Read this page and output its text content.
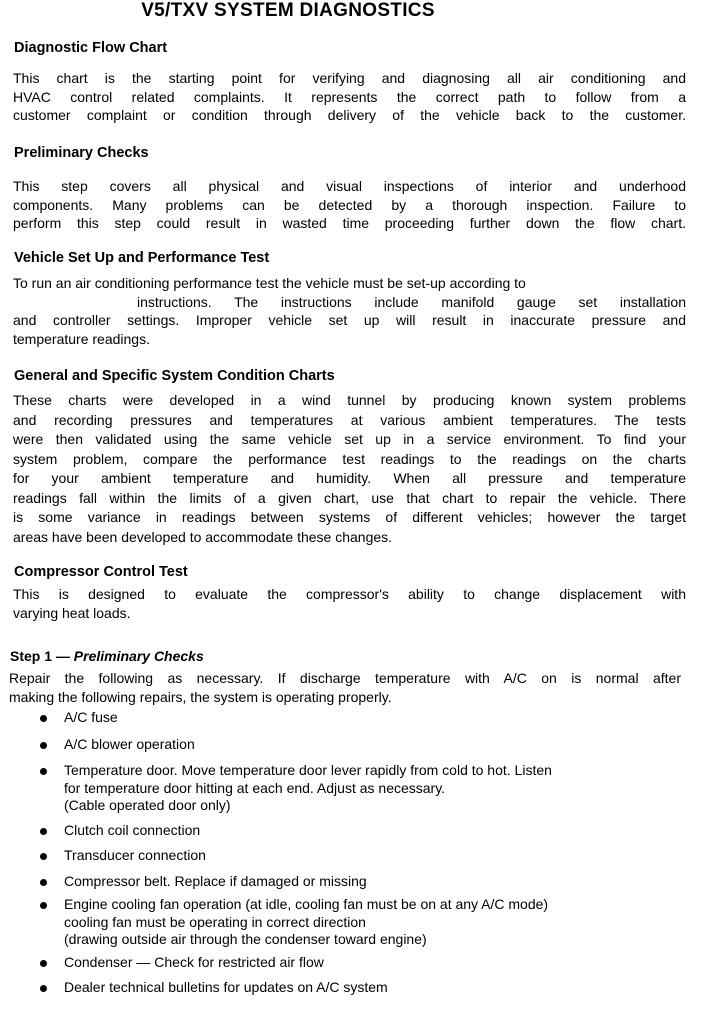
V5/TXV SYSTEM DIAGNOSTICS
Diagnostic Flow Chart
This chart is the starting point for verifying and diagnosing all air conditioning and
HVAC control related complaints. It represents the correct path to follow from a
customer complaint or condition through delivery of the vehicle back to the customer.
Preliminary Checks
This step covers all physical and visual inspections of interior and underhood
components. Many problems can be detected by a thorough inspection. Failure to
perform this step could result in wasted time proceeding further down the flow chart.
Vehicle Set Up and Performance Test
To run an air conditioning performance test the vehicle must be set-up according to
instructions. The instructions include manifold gauge set installation
and controller settings. Improper vehicle set up will result in inaccurate pressure and
temperature readings.
General and Specific System Condition Charts
These charts were developed in a wind tunnel by producing known system problems
and recording pressures and temperatures at various ambient temperatures. The tests
were then validated using the same vehicle set up in a service environment. To find your
system problem, compare the performance test readings to the readings on the charts
for your ambient temperature and humidity. When all pressure and temperature
readings fall within the limits of a given chart, use that chart to repair the vehicle. There
is some variance in readings between systems of different vehicles; however the target
areas have been developed to accommodate these changes.
Compressor Control Test
This is designed to evaluate the compressor's ability to change displacement with
varying heat loads.
Step 1 — Preliminary Checks
Repair the following as necessary. If discharge temperature with A/C on is normal after
making the following repairs, the system is operating properly.
A/C fuse
A/C blower operation
Temperature door. Move temperature door lever rapidly from cold to hot. Listen
for temperature door hitting at each end. Adjust as necessary.
(Cable operated door only)
Clutch coil connection
Transducer connection
Compressor belt. Replace if damaged or missing
Engine cooling fan operation (at idle, cooling fan must be on at any A/C mode)
cooling fan must be operating in correct direction
(drawing outside air through the condenser toward engine)
Condenser — Check for restricted air flow
Dealer technical bulletins for updates on A/C system
